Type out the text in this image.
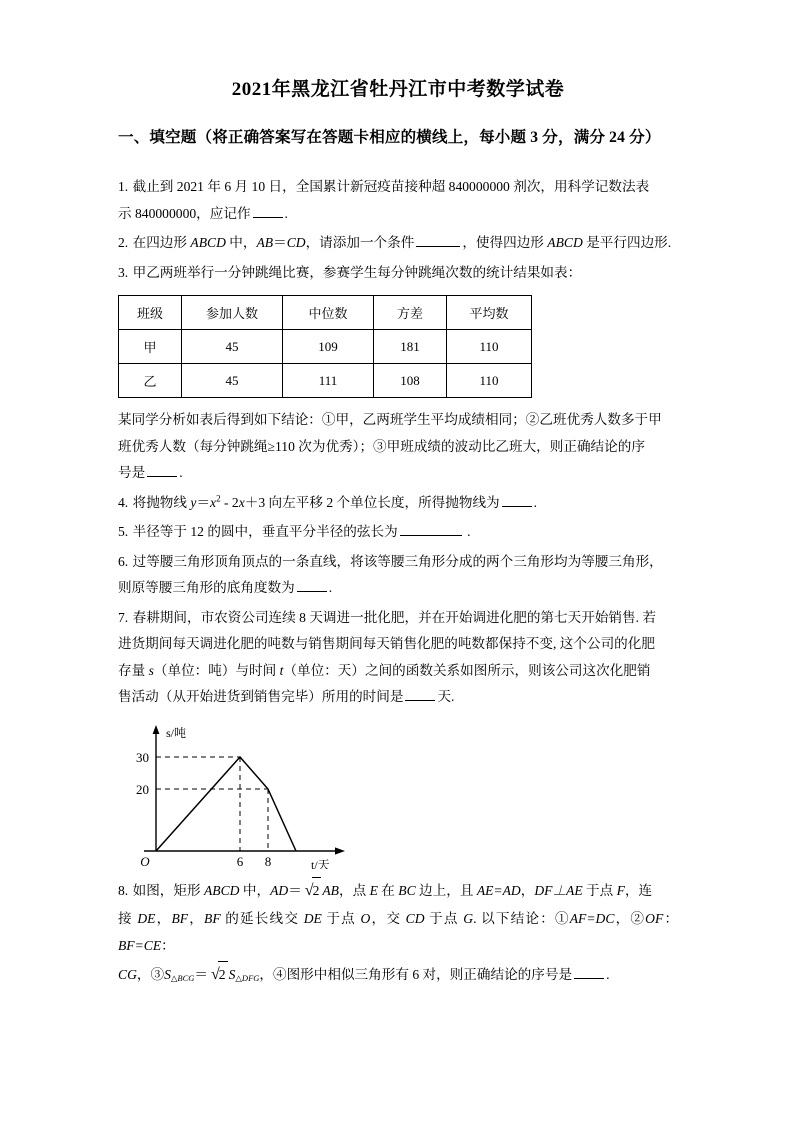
2021年黑龙江省牡丹江市中考数学试卷
一、填空题（将正确答案写在答题卡相应的横线上，每小题 3 分，满分 24 分）
1. 截止到 2021 年 6 月 10 日，全国累计新冠疫苗接种超 840000000 剂次，用科学记数法表
示 840000000，应记作	.
2. 在四边形 ABCD 中，AB＝CD，请添加一个条件	，使得四边形 ABCD 是平行四边形.
3. 甲乙两班举行一分钟跳绳比赛，参赛学生每分钟跳绳次数的统计结果如表：
班级	参加人数	中位数	方差	平均数
甲	45	109	181	110
乙	45	111	108	110
某同学分析如表后得到如下结论：①甲，乙两班学生平均成绩相同；②乙班优秀人数多于甲
班优秀人数（每分钟跳绳≥110 次为优秀）；③甲班成绩的波动比乙班大，则正确结论的序
号是	.
4. 将抛物线 $y=x^2 - 2x+3$ 向左平移 2 个单位长度，所得抛物线为	.
5. 半径等于 12 的圆中，垂直平分半径的弦长为	.
6. 过等腰三角形顶角顶点的一条直线，将该等腰三角形分成的两个三角形均为等腰三角形，
则原等腰三角形的底角度数为	.
7. 春耕期间，市农资公司连续 8 天调进一批化肥，并在开始调进化肥的第七天开始销售. 若
进货期间每天调进化肥的吨数与销售期间每天销售化肥的吨数都保持不变, 这个公司的化肥
存量 s（单位：吨）与时间 t（单位：天）之间的函数关系如图所示，则该公司这次化肥销
售活动（从开始进货到销售完毕）所用的时间是	天.
30
20
6 8
O
s/吨
t/天
8. 如图，矩形 ABCD 中，AD＝ √2 AB，点 E 在 BC 边上，且 AE=AD，DF⊥AE 于点 F，连
接 DE，BF，BF 的延长线交 DE 于点 O，交 CD 于点 G. 以下结论：①AF=DC，②OF：BF=CE：
CG，$③S_{\triangle BCG}= √2$ $S_{\triangle DFG}$，④图形中相似三角形有 6 对，则正确结论的序号是	.
